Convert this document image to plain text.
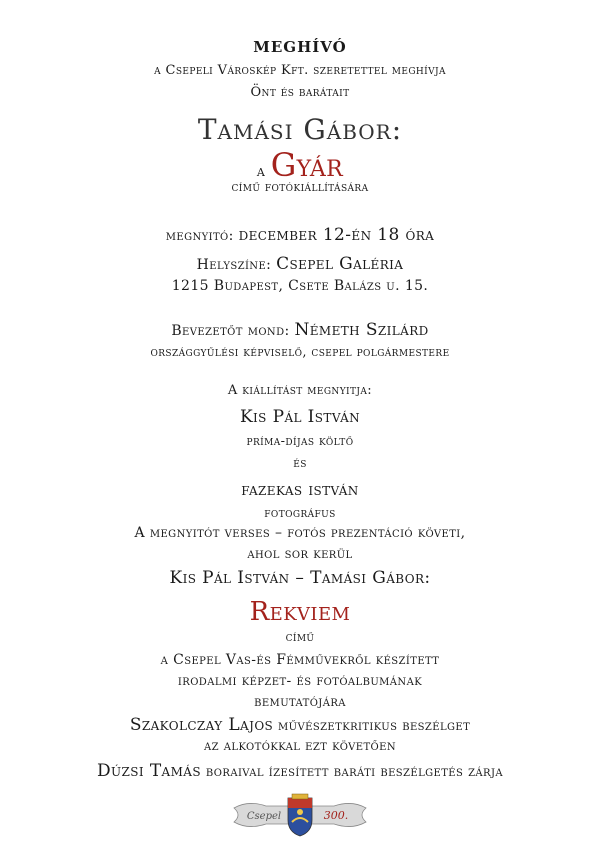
meghívó
a Csepeli Városkép Kft. szeretettel meghívja
Önt és barátait
Tamási Gábor:
a Gyár
című fotókiállítására
megnyitó: december 12-én 18 óra
Helyszíne: Csepel Galéria
1215 Budapest, Csete Balázs u. 15.
Bevezetőt mond: Németh Szilárd
országgyűlési képviselő, csepel polgármestere
A kiállítást megnyitja:
Kis Pál István
príma-díjas költő
és
fazekas istván
fotográfus
A megnyitót verses – fotós prezentáció követi,
ahol sor kerül
Kis Pál István – Tamási Gábor:
Rekviem
című
a Csepel Vas-és Fémművekről készített
irodalmi képzet- és fotóalbumának
bemutatójára
Szakolczay Lajos művészetkritikus beszélget
az alkotókkal ezt követően
Dúzsi Tamás boraival ízesített baráti beszélgetés zárja
Csepel	300.
